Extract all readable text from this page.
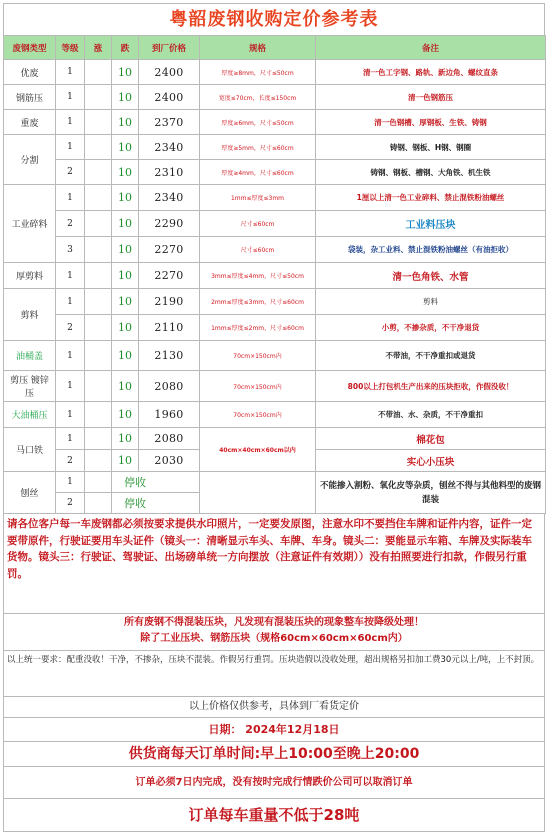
粤韶废钢收购定价参考表
废钢类型	等级	涨	跌	到厂价格	规格	备注
优废	1		10	2400	厚度≥8mm，尺寸≤50cm	清一色工字钢、路轨、新边角、螺纹直条
钢筋压	1		10	2400	宽度≤70cm，长度≤150cm	清一色钢筋压
重废	1		10	2370	厚度≥6mm，尺寸≤50cm	清一色钢槽、厚钢板、生铁、铸钢
分割	1		10	2340	厚度≥5mm，尺寸≤60cm	铸钢、钢板、H钢、钢圈
	2		10	2310	厚度≥4mm，尺寸≤60cm	铸钢、钢板、槽钢、大角铁、机生铁
工业碎料	1		10	2340	1mm≤厚度≤3mm	1厘以上清一色工业碎料、禁止混铁粉油螺丝
	2		10	2290	尺寸≤60cm	工业料压块
	3		10	2270	尺寸≤60cm	袋装，杂工业料、禁止混铁粉油螺丝（有油拒收）
厚剪料	1		10	2270	3mm≤厚度≤4mm，尺寸≤50cm	清一色角铁、水管
剪料	1		10	2190	2mm≤厚度≤3mm，尺寸≤60cm	剪料
	2		10	2110	1mm≤厚度≤2mm，尺寸≤60cm	小剪，不掺杂质，不干净退货
油桶盖	1		10	2130	70cm×150cm内	不带油，不干净重扣或退货
剪压 镀锌压	1		10	2080	70cm×150cm内	800以上打包机生产出来的压块拒收，作假没收！
大油桶压	1		10	1960	70cm×150cm内	不带油、水、杂质，不干净重扣
马口铁	1		10	2080	40cm×40cm×60cm以内	棉花包
	2		10	2030		实心小压块
刨丝	1		停收			不能掺入割粉、氧化皮等杂质，刨丝不得与其他料型的废钢混装
	2		停收			
请各位客户每一车废钢都必须按要求提供水印照片，一定要发原图，注意水印不要挡住车牌和证件内容，证件一定要带原件，行驶证要用车头证件（镜头一：清晰显示车头、车牌、车身。镜头二：要能显示车箱、车牌及实际装车货物。镜头三：行驶证、驾驶证、出场磅单统一方向摆放（注意证件有效期））没有拍照要进行扣款，作假另行重罚。
所有废钢不得混装压块，凡发现有混装压块的现象整车按降级处理！
除了工业压块、钢筋压块（规格60cm×60cm×60cm内）
以上统一要求：配重没收！干净，不掺杂，压块不混装。作假另行重罚。压块造假以没收处理，超出规格另扣加工费30元以上/吨，上不封顶。
以上价格仅供参考，具体到厂看货定价
日期： 2024年12月18日
供货商每天订单时间:早上10:00至晚上20:00
订单必须7日内完成，没有按时完成行情跌价公司可以取消订单
订单每车重量不低于28吨
